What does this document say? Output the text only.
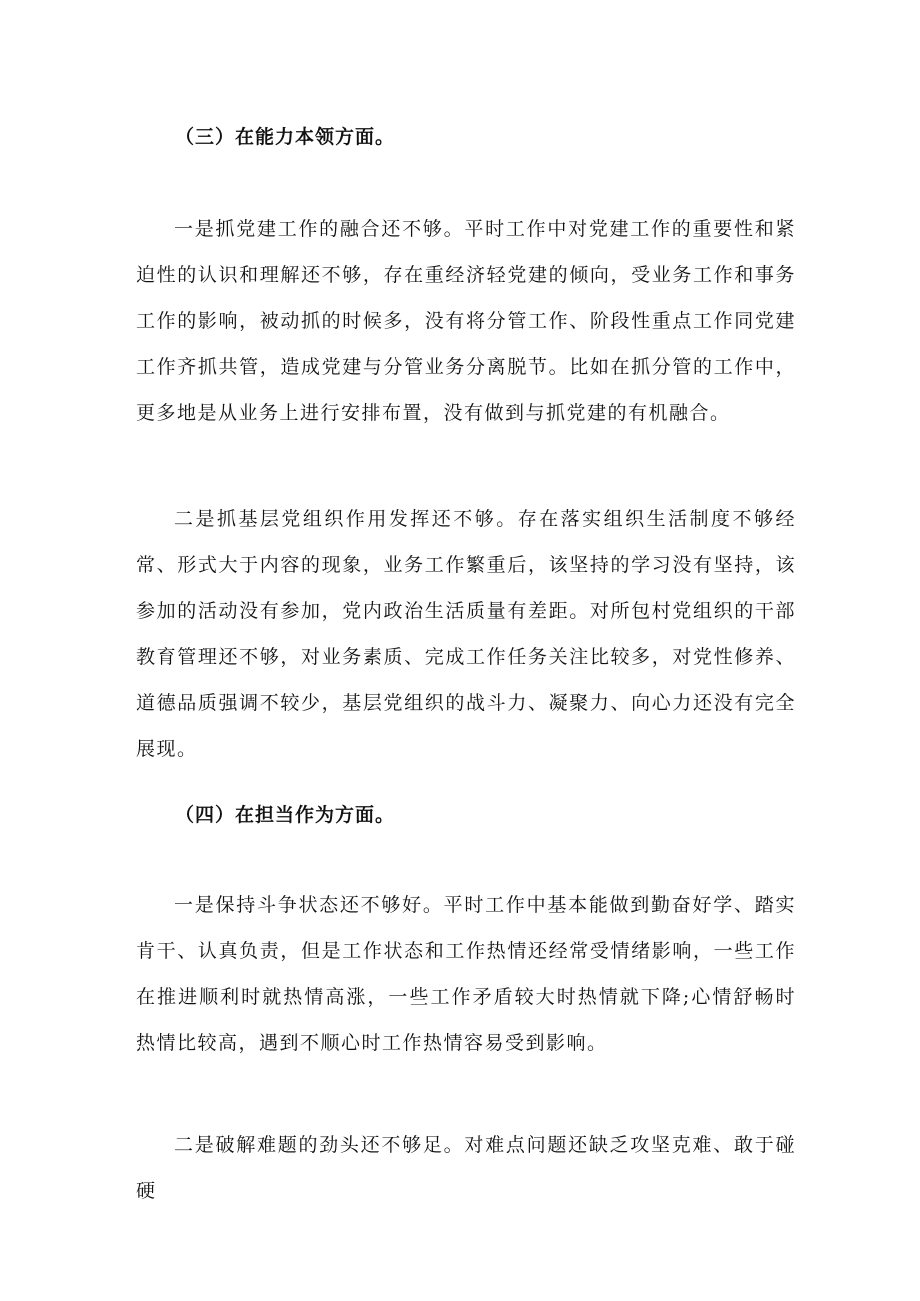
（三）在能力本领方面。

一是抓党建工作的融合还不够。平时工作中对党建工作的重要性和紧迫性的认识和理解还不够，存在重经济轻党建的倾向，受业务工作和事务工作的影响，被动抓的时候多，没有将分管工作、阶段性重点工作同党建工作齐抓共管，造成党建与分管业务分离脱节。比如在抓分管的工作中，更多地是从业务上进行安排布置，没有做到与抓党建的有机融合。

二是抓基层党组织作用发挥还不够。存在落实组织生活制度不够经常、形式大于内容的现象，业务工作繁重后，该坚持的学习没有坚持，该参加的活动没有参加，党内政治生活质量有差距。对所包村党组织的干部教育管理还不够，对业务素质、完成工作任务关注比较多，对党性修养、道德品质强调不较少，基层党组织的战斗力、凝聚力、向心力还没有完全展现。

（四）在担当作为方面。

一是保持斗争状态还不够好。平时工作中基本能做到勤奋好学、踏实肯干、认真负责，但是工作状态和工作热情还经常受情绪影响，一些工作在推进顺利时就热情高涨，一些工作矛盾较大时热情就下降;心情舒畅时热情比较高，遇到不顺心时工作热情容易受到影响。

二是破解难题的劲头还不够足。对难点问题还缺乏攻坚克难、敢于碰硬
